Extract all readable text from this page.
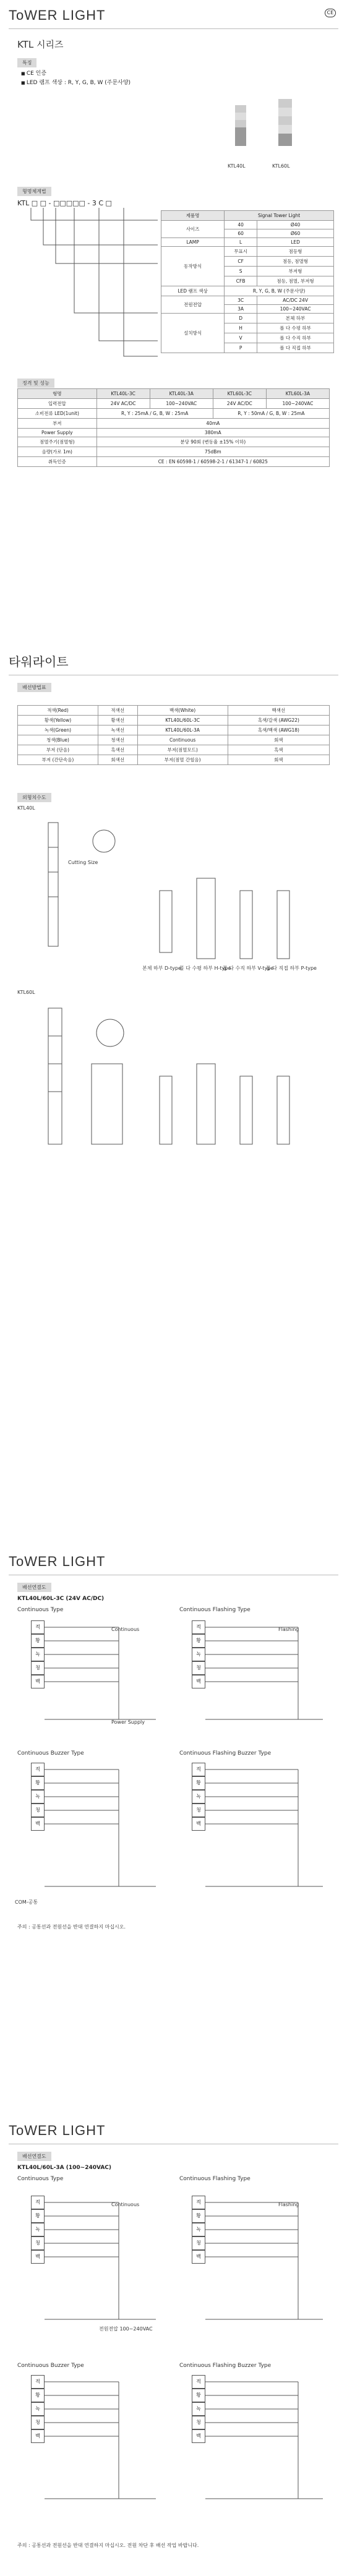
ToWER LIGHT	CE
KTL 시리즈
특징
■ CE 인증
■ LED 램프 색상 : R, Y, G, B, W (주문사양)
KTL40L	KTL60L
형명체계법
KTL □ □ - □□□□□ - 3 C □
제품명	Signal Tower Light	
사이즈	40	Ø40
	60	Ø60
LAMP	L	LED
동작방식	무표시	점등형
	CF	점등, 점멸형
	S	부저형
	CFB	점등, 점멸, 부저형
LED 램프 색상	R, Y, G, B, W (주문사양)	
전원전압	3C	AC/DC 24V
	3A	100~240VAC
설치방식	D	본체 하부
	H	폴 다 수평 하부
	V	폴 다 수직 하부
	P	폴 다 직접 하부
정격 및 성능
형명	KTL40L-3C	KTL40L-3A	KTL60L-3C	KTL60L-3A
입력전압	24V AC/DC	100~240VAC	24V AC/DC	100~240VAC
소비전류 LED(1unit)	R, Y : 25mA / G, B, W : 25mA		R, Y : 50mA / G, B, W : 25mA	
부저	40mA			
Power Supply	380mA			
점멸주기(점멸형)	분당 90회 (변동율 ±15% 이하)			
음량(가로 1m)	75dBm			
취득인증	CE : EN 60598-1 / 60598-2-1 / 61347-1 / 60825			
타워라이트
배선방법표
적색(Red)	적색선	백색(White)	백색선
황색(Yellow)	황색선	KTL40L/60L-3C	흑색/갈색 (AWG22)
녹색(Green)	녹색선	KTL40L/60L-3A	흑색/백색 (AWG18)
청색(Blue)	청색선	Continuous	회색
부저 (단음)	흑색선	부저(점멸모드)	흑색
부저 (간단속음)	회색선	부저(점멸 간헐음)	회색
외형치수도
KTL40L
Cutting Size
본체 하부 D-type
폴 다 수평 하부 H-type
폴 다 수직 하부 V-type
폴 다 직접 하부 P-type
KTL60L
ToWER LIGHT
배선연결도
KTL40L/60L-3C (24V AC/DC)
Continuous Type	Continuous Flashing Type
Continuous Buzzer Type	Continuous Flashing Buzzer Type
적
황
녹
청
백
Continuous
Power Supply
적
황
녹
청
백
Flashing
적
황
녹
청
백
COM-공통
적
황
녹
청
백
주의 : 공통선과 전원선을 반대 연결하지 마십시오.
ToWER LIGHT
배선연결도
KTL40L/60L-3A (100~240VAC)
Continuous Type	Continuous Flashing Type
Continuous Buzzer Type	Continuous Flashing Buzzer Type
적
황
녹
청
백
Continuous
전원전압 100~240VAC
적
황
녹
청
백
Flashing
적
황
녹
청
백
적
황
녹
청
백
주의 : 공통선과 전원선을 반대 연결하지 마십시오. 전원 차단 후 배선 작업 바랍니다.
